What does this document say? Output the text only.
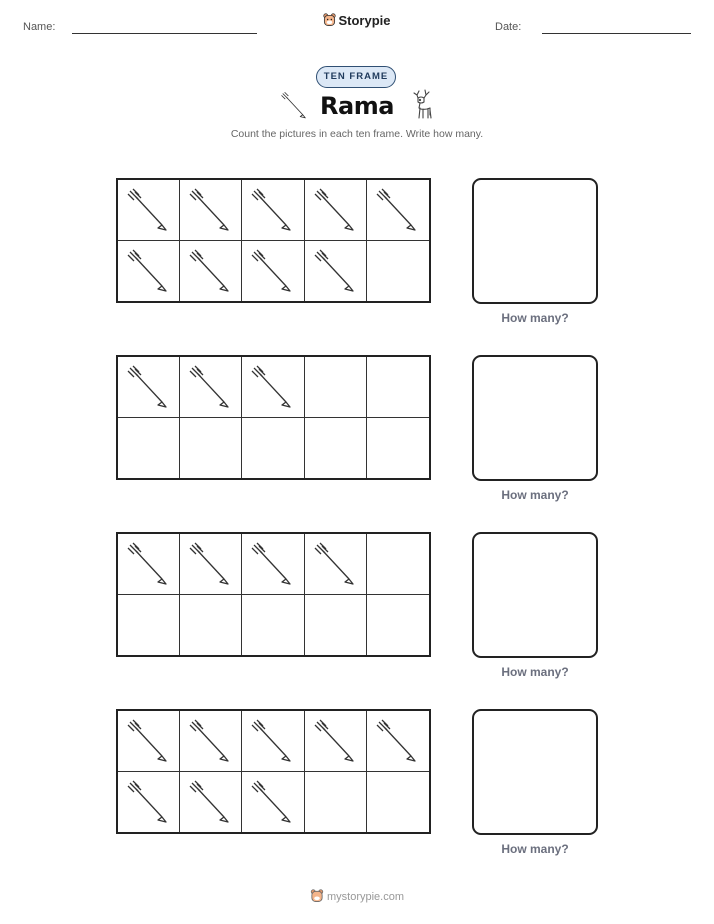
Name:	Storypie	Date:
TEN FRAME
Rama
Count the pictures in each ten frame. Write how many.
How many?
How many?
How many?
How many?
mystorypie.com
